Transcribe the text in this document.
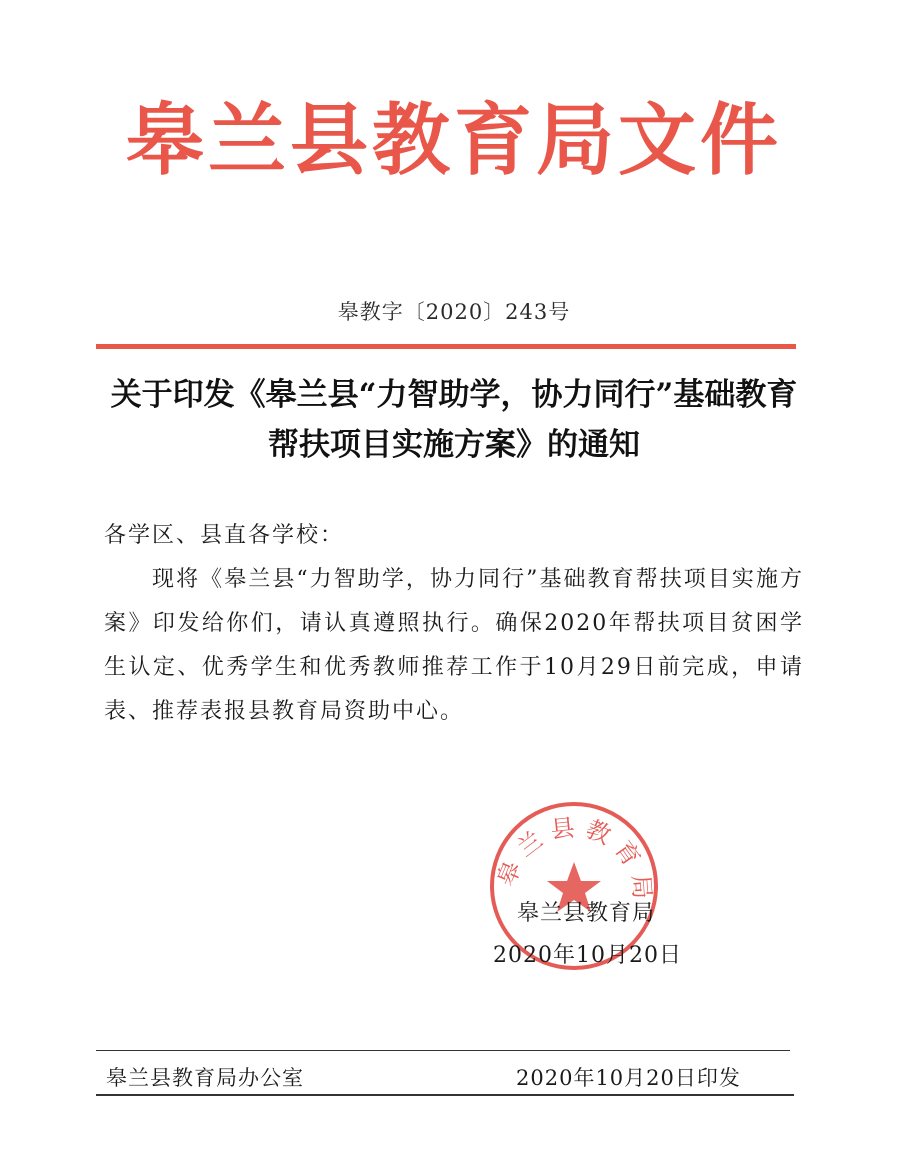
皋兰县教育局文件
皋教字〔2020〕243号
关于印发《皋兰县“力智助学，协力同行”基础教育
帮扶项目实施方案》的通知
各学区、县直各学校：
现将《皋兰县“力智助学，协力同行”基础教育帮扶项目实施方案》印发给你们，请认真遵照执行。确保2020年帮扶项目贫困学生认定、优秀学生和优秀教师推荐工作于10月29日前完成，申请表、推荐表报县教育局资助中心。
皋兰县教育局
皋兰县教育局
2020年10月20日
皋兰县教育局办公室	2020年10月20日印发
